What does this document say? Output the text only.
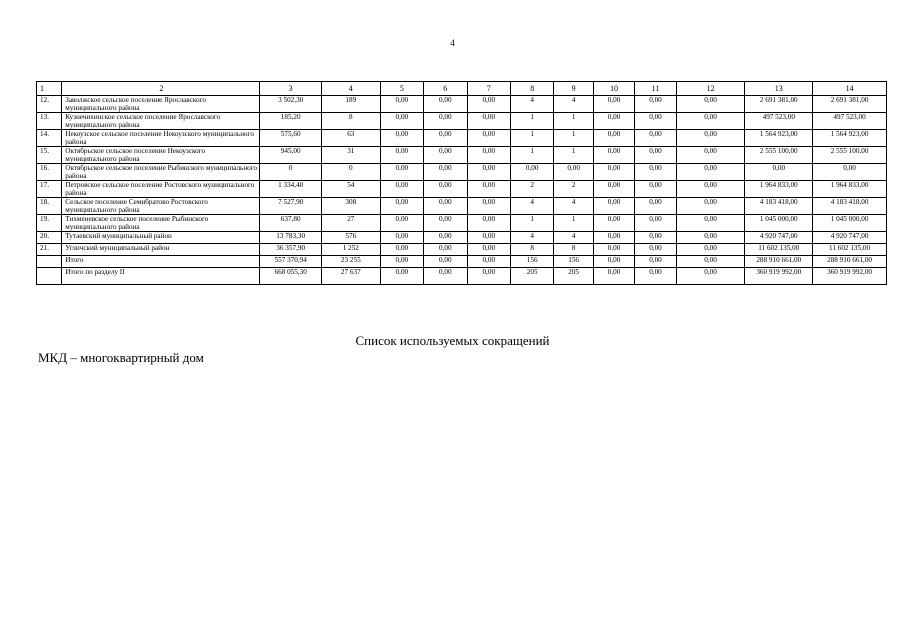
4
1	2	3	4	5	6	7	8	9	10	11	12	13	14
12.	Заволжское сельское поселение Ярославского муниципального района	3 502,30	189	0,00	0,00	0,00	4	4	0,00	0,00	0,00	2 691 381,00	2 691 381,00
13.	Кузнечихинское сельское поселение Ярославского муниципального района	185,20	8	0,00	0,00	0,00	1	1	0,00	0,00	0,00	497 523,00	497 523,00
14.	Некоузское сельское поселение Некоузского муниципального района	575,60	63	0,00	0,00	0,00	1	1	0,00	0,00	0,00	1 564 923,00	1 564 923,00
15.	Октябрьское сельское поселение Некоузского муниципального района	945,00	31	0,00	0,00	0,00	1	1	0,00	0,00	0,00	2 555 100,00	2 555 100,00
16.	Октябрьское сельское поселение Рыбинского муниципального района	0	0	0,00	0,00	0,00	0,00	0,00	0,00	0,00	0,00	0,00	0,00
17.	Петровское сельское поселение Ростовского муниципального района	1 334,40	54	0,00	0,00	0,00	2	2	0,00	0,00	0,00	1 964 833,00	1 964 833,00
18.	Сельское поселение Семибратово Ростовского муниципального района	7 527,90	308	0,00	0,00	0,00	4	4	0,00	0,00	0,00	4 183 418,00	4 183 418,00
19.	Тихменевское сельское поселение Рыбинского муниципального района	637,80	27	0,00	0,00	0,00	1	1	0,00	0,00	0,00	1 045 000,00	1 045 000,00
20.	Тутаевский муниципальный район	13 783,30	576	0,00	0,00	0,00	4	4	0,00	0,00	0,00	4 920 747,00	4 920 747,00
21.	Угличский муниципальный район	36 357,90	1 252	0,00	0,00	0,00	8	8	0,00	0,00	0,00	11 602 135,00	11 602 135,00
	Итого	557 370,94	23 255	0,00	0,00	0,00	156	156	0,00	0,00	0,00	288 910 661,00	288 910 661,00
	Итого по разделу II	668 055,30	27 637	0,00	0,00	0,00	205	205	0,00	0,00	0,00	360 919 992,00	360 919 992,00
Список используемых сокращений
МКД – многоквартирный дом
